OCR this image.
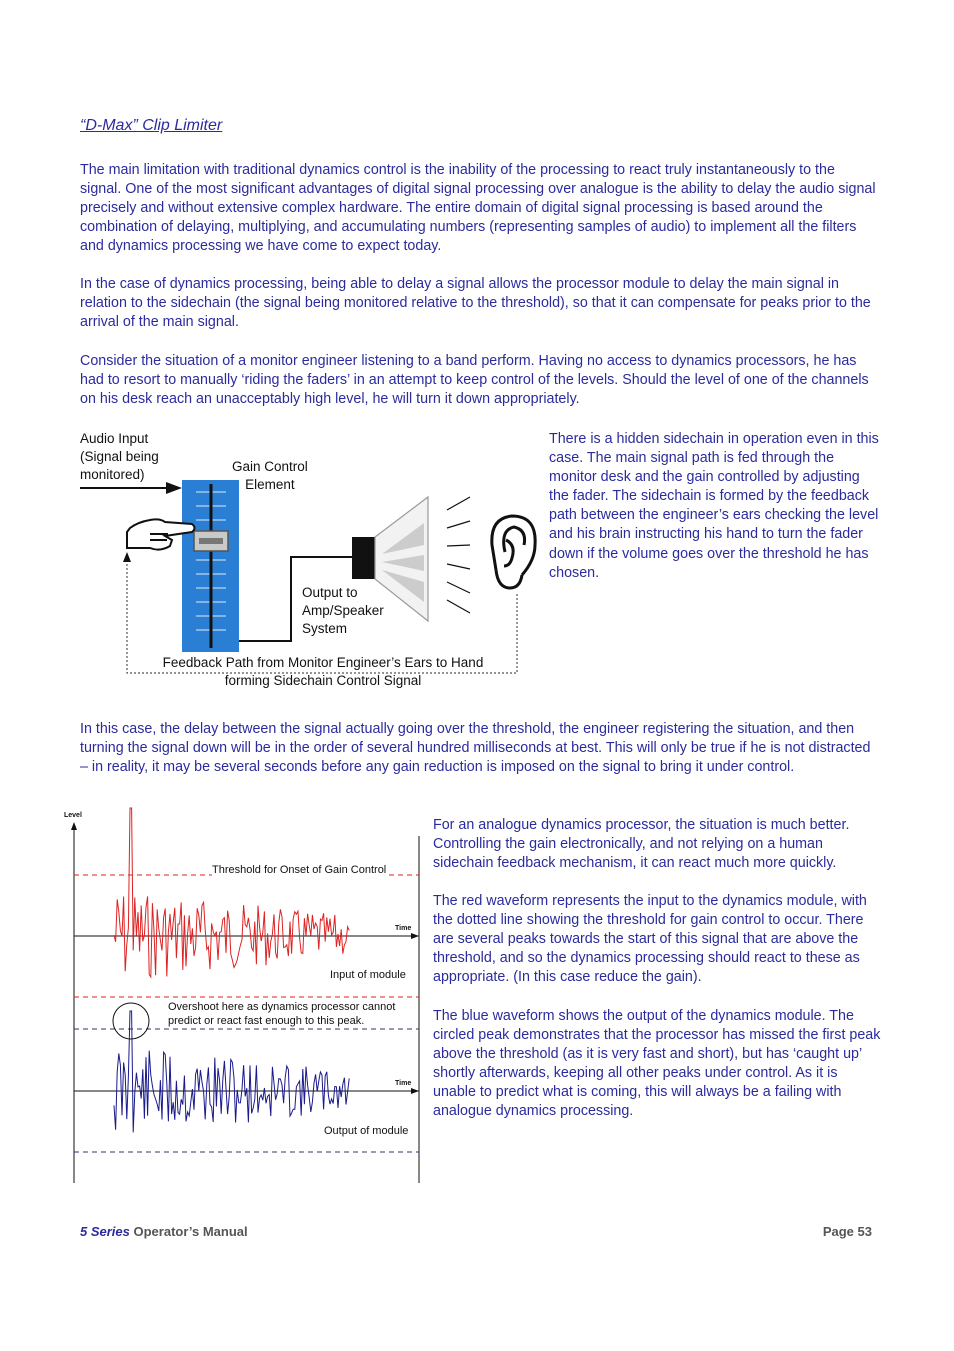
“D-Max” Clip Limiter

The main limitation with traditional dynamics control is the inability of the processing to react truly instantaneously to the signal. One of the most significant advantages of digital signal processing over analogue is the ability to delay the audio signal precisely and without extensive complex hardware. The entire domain of digital signal processing is based around the combination of delaying, multiplying, and accumulating numbers (representing samples of audio) to implement all the filters and dynamics processing we have come to expect today.

In the case of dynamics processing, being able to delay a signal allows the processor module to delay the main signal in relation to the sidechain (the signal being monitored relative to the threshold), so that it can compensate for peaks prior to the arrival of the main signal.

Consider the situation of a monitor engineer listening to a band perform. Having no access to dynamics processors, he has had to resort to manually ‘riding the faders’ in an attempt to keep control of the levels. Should the level of one of the channels on his desk reach an unacceptably high level, he will turn it down appropriately.

Audio Input
(Signal being
monitored)

Gain Control
Element

Output to
Amp/Speaker
System

Feedback Path from Monitor Engineer’s Ears to Hand
forming Sidechain Control Signal

There is a hidden sidechain in operation even in this case. The main signal path is fed through the monitor desk and the gain controlled by adjusting the fader. The sidechain is formed by the feedback path between the engineer’s ears checking the level and his brain instructing his hand to turn the fader down if the volume goes over the threshold he has chosen.

In this case, the delay between the signal actually going over the threshold, the engineer registering the situation, and then turning the signal down will be in the order of several hundred milliseconds at best. This will only be true if he is not distracted – in reality, it may be several seconds before any gain reduction is imposed on the signal to bring it under control.

Level

Threshold for Onset of Gain Control

Time

Input of module

Overshoot here as dynamics processor cannot
predict or react fast enough to this peak.

Time

Output of module

For an analogue dynamics processor, the situation is much better. Controlling the gain electronically, and not relying on a human sidechain feedback mechanism, it can react much more quickly.

The red waveform represents the input to the dynamics module, with the dotted line showing the threshold for gain control to occur. There are several peaks towards the start of this signal that are above the threshold, and so the dynamics processing should react to these as appropriate. (In this case reduce the gain).

The blue waveform shows the output of the dynamics module. The circled peak demonstrates that the processor has missed the first peak above the threshold (as it is very fast and short), but has ‘caught up’ shortly afterwards, keeping all other peaks under control. As it is unable to predict what is coming, this will always be a failing with analogue dynamics processing.

5 Series Operator’s Manual	Page 53
